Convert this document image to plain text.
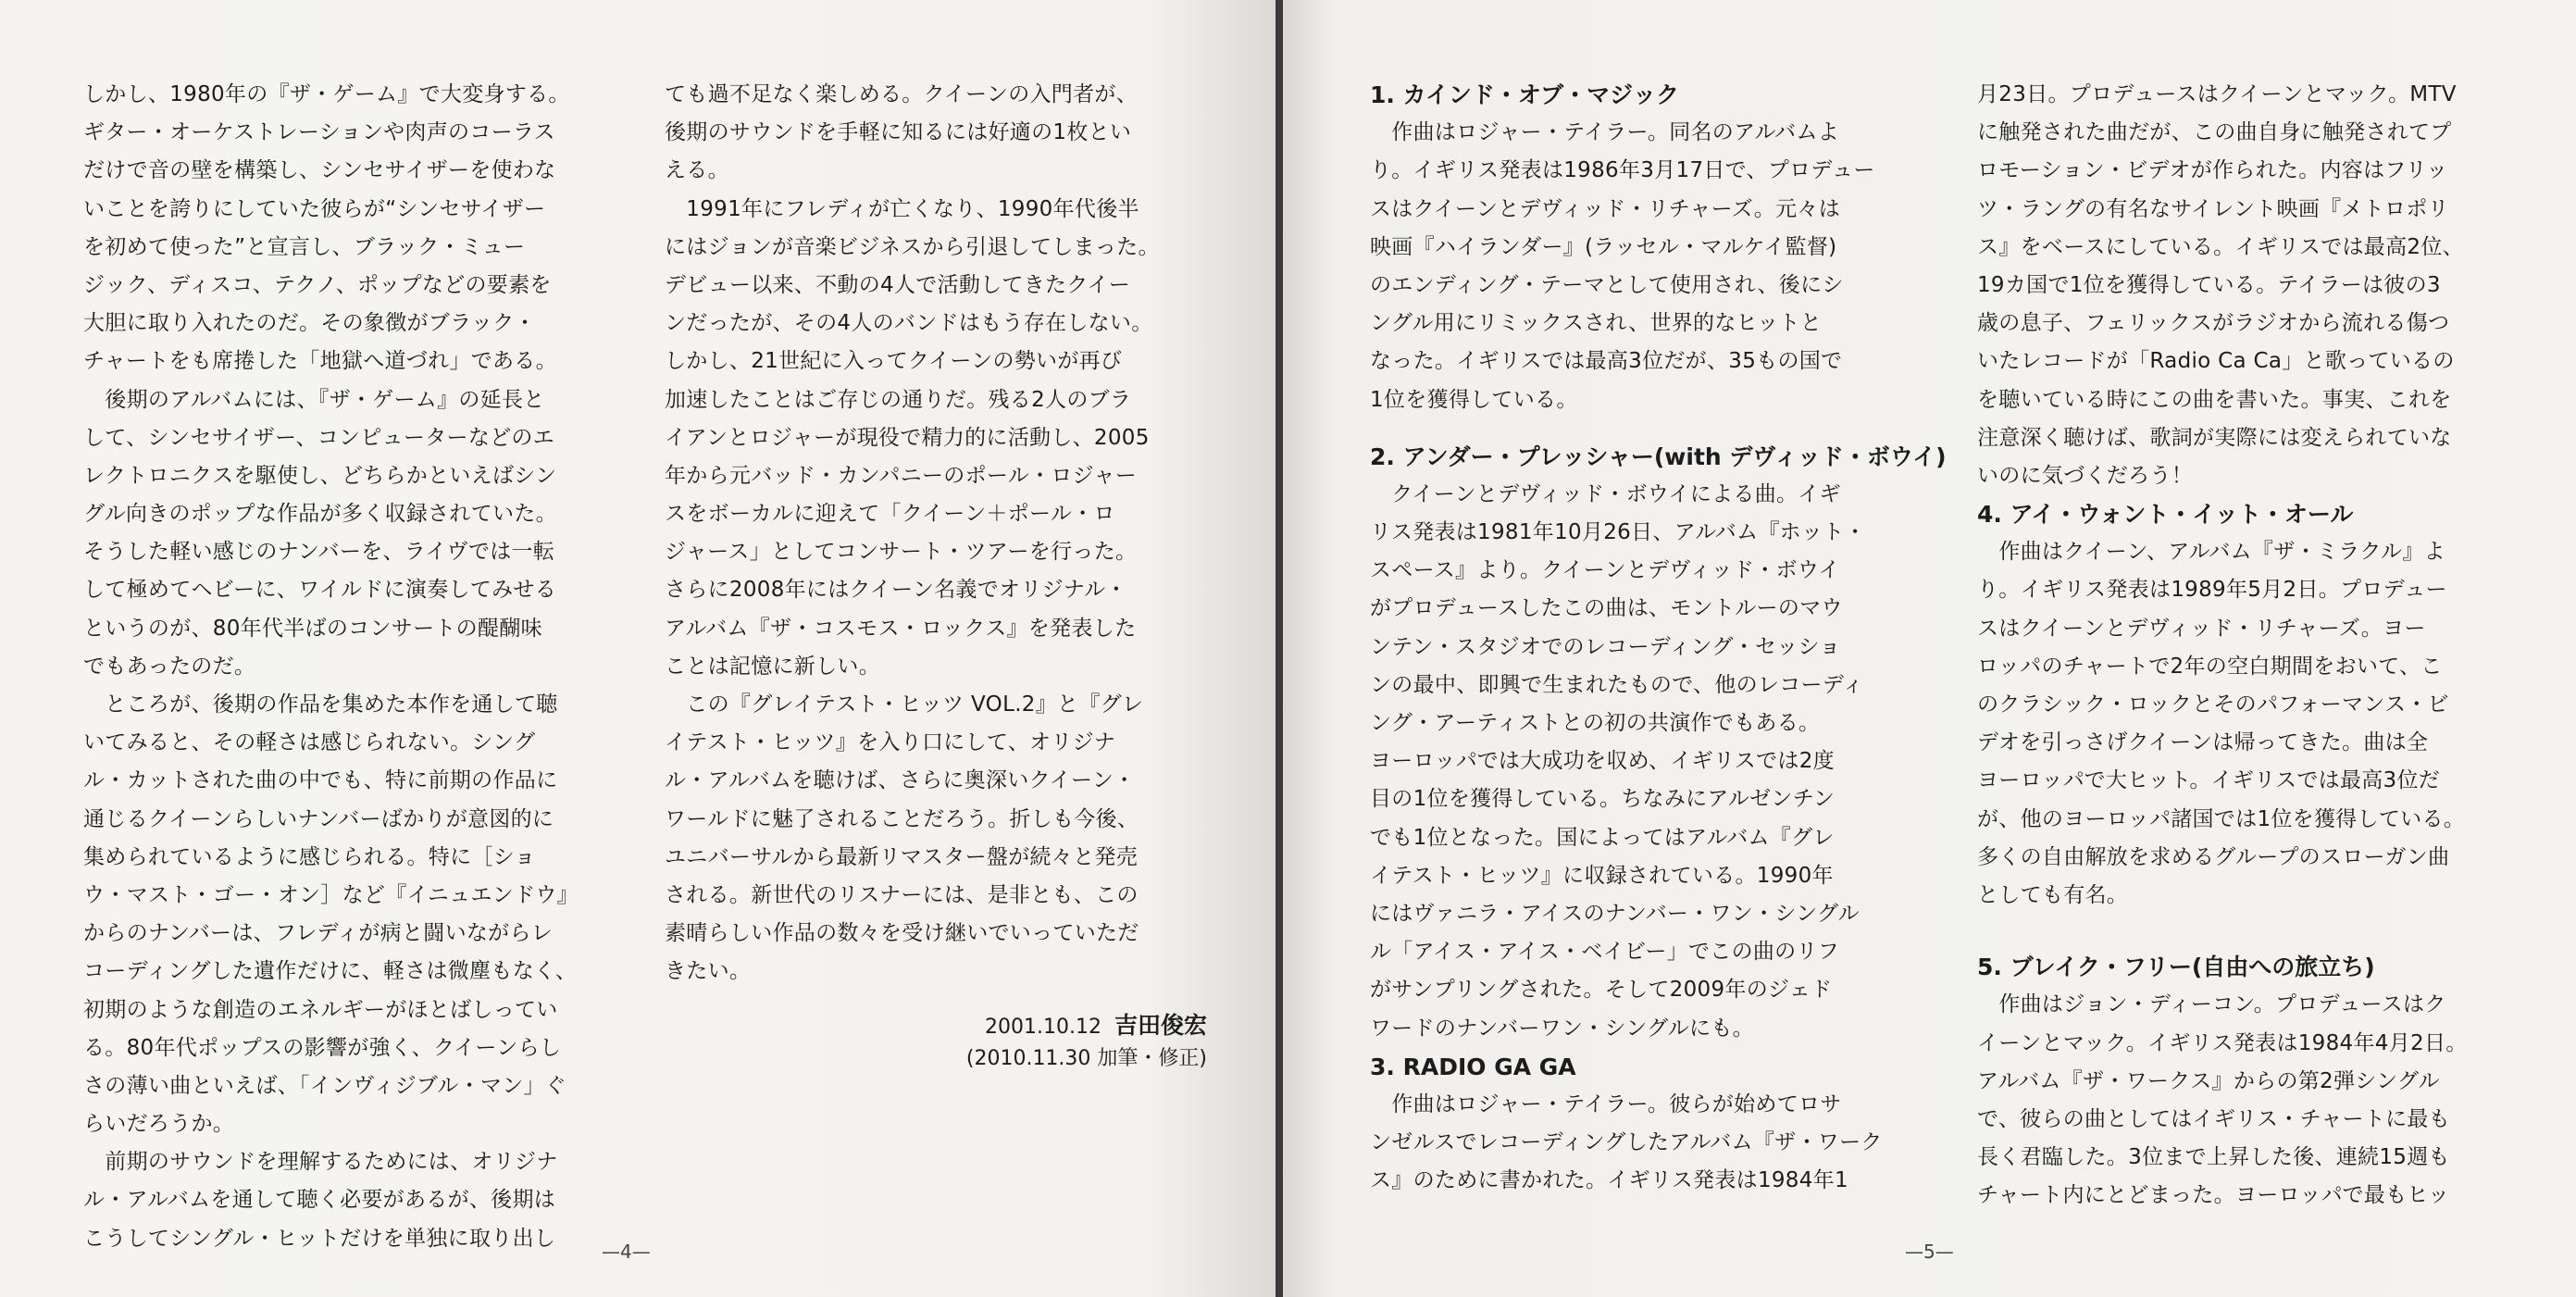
しかし、1980年の『ザ・ゲーム』で大変身する。
ギター・オーケストレーションや肉声のコーラス
だけで音の壁を構築し、シンセサイザーを使わな
いことを誇りにしていた彼らが“シンセサイザー
を初めて使った”と宣言し、ブラック・ミュー
ジック、ディスコ、テクノ、ポップなどの要素を
大胆に取り入れたのだ。その象徴がブラック・
チャートをも席捲した「地獄へ道づれ」である。
　後期のアルバムには、『ザ・ゲーム』の延長と
して、シンセサイザー、コンピューターなどのエ
レクトロニクスを駆使し、どちらかといえばシン
グル向きのポップな作品が多く収録されていた。
そうした軽い感じのナンバーを、ライヴでは一転
して極めてヘビーに、ワイルドに演奏してみせる
というのが、80年代半ばのコンサートの醍醐味
でもあったのだ。
　ところが、後期の作品を集めた本作を通して聴
いてみると、その軽さは感じられない。シング
ル・カットされた曲の中でも、特に前期の作品に
通じるクイーンらしいナンバーばかりが意図的に
集められているように感じられる。特に［ショ
ウ・マスト・ゴー・オン］など『イニュエンドウ』
からのナンバーは、フレディが病と闘いながらレ
コーディングした遺作だけに、軽さは微塵もなく、
初期のような創造のエネルギーがほとばしってい
る。80年代ポップスの影響が強く、クイーンらし
さの薄い曲といえば、「インヴィジブル・マン」ぐ
らいだろうか。
　前期のサウンドを理解するためには、オリジナ
ル・アルバムを通して聴く必要があるが、後期は
こうしてシングル・ヒットだけを単独に取り出し
ても過不足なく楽しめる。クイーンの入門者が、
後期のサウンドを手軽に知るには好適の1枚とい
える。
　1991年にフレディが亡くなり、1990年代後半
にはジョンが音楽ビジネスから引退してしまった。
デビュー以来、不動の4人で活動してきたクイー
ンだったが、その4人のバンドはもう存在しない。
しかし、21世紀に入ってクイーンの勢いが再び
加速したことはご存じの通りだ。残る2人のブラ
イアンとロジャーが現役で精力的に活動し、2005
年から元バッド・カンパニーのポール・ロジャー
スをボーカルに迎えて「クイーン＋ポール・ロ
ジャース」としてコンサート・ツアーを行った。
さらに2008年にはクイーン名義でオリジナル・
アルバム『ザ・コスモス・ロックス』を発表した
ことは記憶に新しい。
　この『グレイテスト・ヒッツ VOL.2』と『グレ
イテスト・ヒッツ』を入り口にして、オリジナ
ル・アルバムを聴けば、さらに奥深いクイーン・
ワールドに魅了されることだろう。折しも今後、
ユニバーサルから最新リマスター盤が続々と発売
される。新世代のリスナーには、是非とも、この
素晴らしい作品の数々を受け継いでいっていただ
きたい。
2001.10.12 吉田俊宏
(2010.11.30 加筆・修正)
—4—
1. カインド・オブ・マジック
　作曲はロジャー・テイラー。同名のアルバムよ
り。イギリス発表は1986年3月17日で、プロデュー
スはクイーンとデヴィッド・リチャーズ。元々は
映画『ハイランダー』(ラッセル・マルケイ監督)
のエンディング・テーマとして使用され、後にシ
ングル用にリミックスされ、世界的なヒットと
なった。イギリスでは最高3位だが、35もの国で
1位を獲得している。
2. アンダー・プレッシャー(with デヴィッド・ボウイ)
　クイーンとデヴィッド・ボウイによる曲。イギ
リス発表は1981年10月26日、アルバム『ホット・
スペース』より。クイーンとデヴィッド・ボウイ
がプロデュースしたこの曲は、モントルーのマウ
ンテン・スタジオでのレコーディング・セッショ
ンの最中、即興で生まれたもので、他のレコーディ
ング・アーティストとの初の共演作でもある。
ヨーロッパでは大成功を収め、イギリスでは2度
目の1位を獲得している。ちなみにアルゼンチン
でも1位となった。国によってはアルバム『グレ
イテスト・ヒッツ』に収録されている。1990年
にはヴァニラ・アイスのナンバー・ワン・シングル
ル「アイス・アイス・ベイビー」でこの曲のリフ
がサンプリングされた。そして2009年のジェド
ワードのナンバーワン・シングルにも。
3. RADIO GA GA
　作曲はロジャー・テイラー。彼らが始めてロサ
ンゼルスでレコーディングしたアルバム『ザ・ワーク
ス』のために書かれた。イギリス発表は1984年1
月23日。プロデュースはクイーンとマック。MTV
に触発された曲だが、この曲自身に触発されてプ
ロモーション・ビデオが作られた。内容はフリッ
ツ・ラングの有名なサイレント映画『メトロポリ
ス』をベースにしている。イギリスでは最高2位、
19カ国で1位を獲得している。テイラーは彼の3
歳の息子、フェリックスがラジオから流れる傷つ
いたレコードが「Radio Ca Ca」と歌っているの
を聴いている時にこの曲を書いた。事実、これを
注意深く聴けば、歌詞が実際には変えられていな
いのに気づくだろう！
4. アイ・ウォント・イット・オール
　作曲はクイーン、アルバム『ザ・ミラクル』よ
り。イギリス発表は1989年5月2日。プロデュー
スはクイーンとデヴィッド・リチャーズ。ヨー
ロッパのチャートで2年の空白期間をおいて、こ
のクラシック・ロックとそのパフォーマンス・ビ
デオを引っさげクイーンは帰ってきた。曲は全
ヨーロッパで大ヒット。イギリスでは最高3位だ
が、他のヨーロッパ諸国では1位を獲得している。
多くの自由解放を求めるグループのスローガン曲
としても有名。
5. ブレイク・フリー(自由への旅立ち)
　作曲はジョン・ディーコン。プロデュースはク
イーンとマック。イギリス発表は1984年4月2日。
アルバム『ザ・ワークス』からの第2弾シングル
で、彼らの曲としてはイギリス・チャートに最も
長く君臨した。3位まで上昇した後、連続15週も
チャート内にとどまった。ヨーロッパで最もヒッ
—5—
